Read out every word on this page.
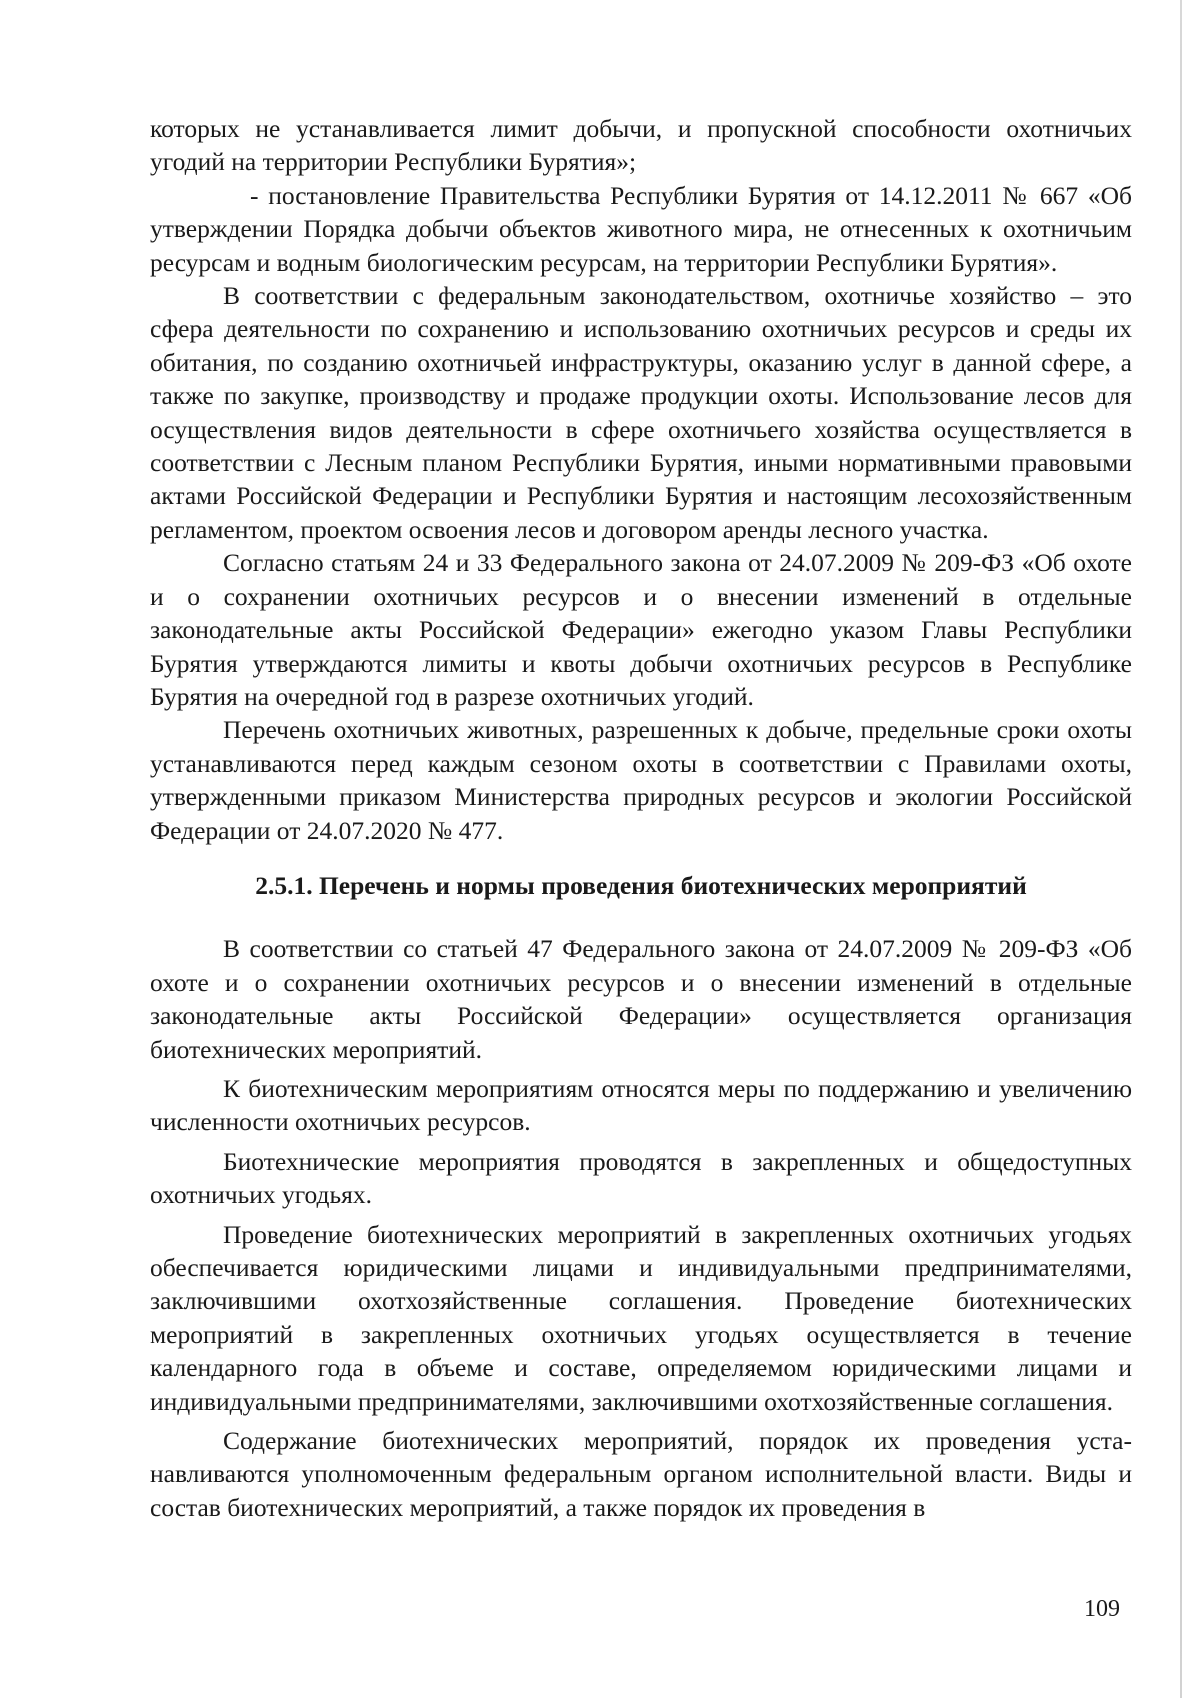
которых не устанавливается лимит добычи, и пропускной способности охотничьих угодий на территории Республики Бурятия»;

- постановление Правительства Республики Бурятия от 14.12.2011 № 667 «Об утверждении Порядка добычи объектов животного мира, не отнесенных к охотничьим ресурсам и водным биологическим ресурсам, на территории Республики Бурятия».

В соответствии с федеральным законодательством, охотничье хозяйство – это сфера деятельности по сохранению и использованию охотничьих ресурсов и среды их обитания, по созданию охотничьей инфраструктуры, оказанию услуг в данной сфере, а также по закупке, производству и продаже продукции охоты. Использование лесов для осуществления видов деятельности в сфере охотничьего хозяйства осуществляется в соответствии с Лесным планом Республики Бурятия, иными нормативными правовыми актами Российской Федерации и Республики Бурятия и настоящим лесохозяйственным регламентом, проектом освоения лесов и договором аренды лесного участка.

Согласно статьям 24 и 33 Федерального закона от 24.07.2009 № 209-ФЗ «Об охоте и о сохранении охотничьих ресурсов и о внесении изменений в отдельные законодательные акты Российской Федерации» ежегодно указом Главы Республики Бурятия утверждаются лимиты и квоты добычи охотничьих ресурсов в Республике Бурятия на очередной год в разрезе охотничьих угодий.

Перечень охотничьих животных, разрешенных к добыче, предельные сроки охоты устанавливаются перед каждым сезоном охоты в соответствии с Правилами охоты, утвержденными приказом Министерства природных ресурсов и экологии Российской Федерации от 24.07.2020 № 477.

2.5.1. Перечень и нормы проведения биотехнических мероприятий

В соответствии со статьей 47 Федерального закона от 24.07.2009 № 209-ФЗ «Об охоте и о сохранении охотничьих ресурсов и о внесении изменений в отдельные законодательные акты Российской Федерации» осуществляется организация биотехнических мероприятий.

К биотехническим мероприятиям относятся меры по поддержанию и увеличению численности охотничьих ресурсов.

Биотехнические мероприятия проводятся в закрепленных и общедоступных охотничьих угодьях.

Проведение биотехнических мероприятий в закрепленных охотничьих угодьях обеспечивается юридическими лицами и индивидуальными предпринимателями, заключившими охотхозяйственные соглашения. Проведение биотехнических мероприятий в закрепленных охотничьих угодьях осуществляется в течение календарного года в объеме и составе, определяемом юридическими лицами и индивидуальными предпринимателями, заключившими охотхозяйственные соглашения.

Содержание биотехнических мероприятий, порядок их проведения устанавливаются уполномоченным федеральным органом исполнительной власти. Виды и состав биотехнических мероприятий, а также порядок их проведения в

109
